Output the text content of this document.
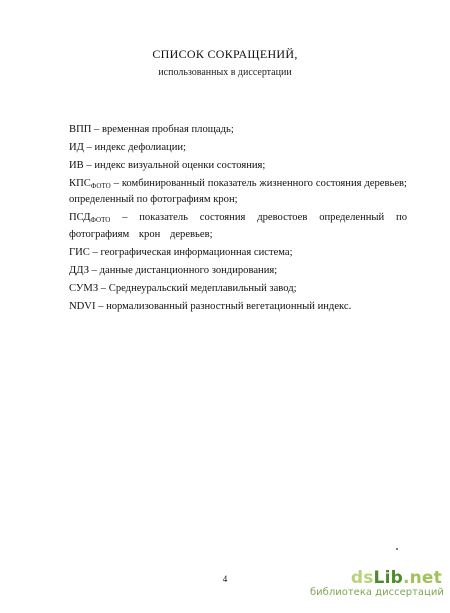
СПИСОК СОКРАЩЕНИЙ,
использованных в диссертации
ВПП – временная пробная площадь;
ИД – индекс дефолиации;
ИВ – индекс визуальной оценки состояния;
КПСФОТО – комбинированный показатель жизненного состояния деревьев; определенный по фотографиям крон;
ПСДФОТО – показатель состояния древостоев определенный по фотографиям крон деревьев;
ГИС – географическая информационная система;
ДДЗ – данные дистанционного зондирования;
СУМЗ – Среднеуральский медеплавильный завод;
NDVI – нормализованный разностный вегетационный индекс.
4	dsLib.net
библиотека диссертаций
